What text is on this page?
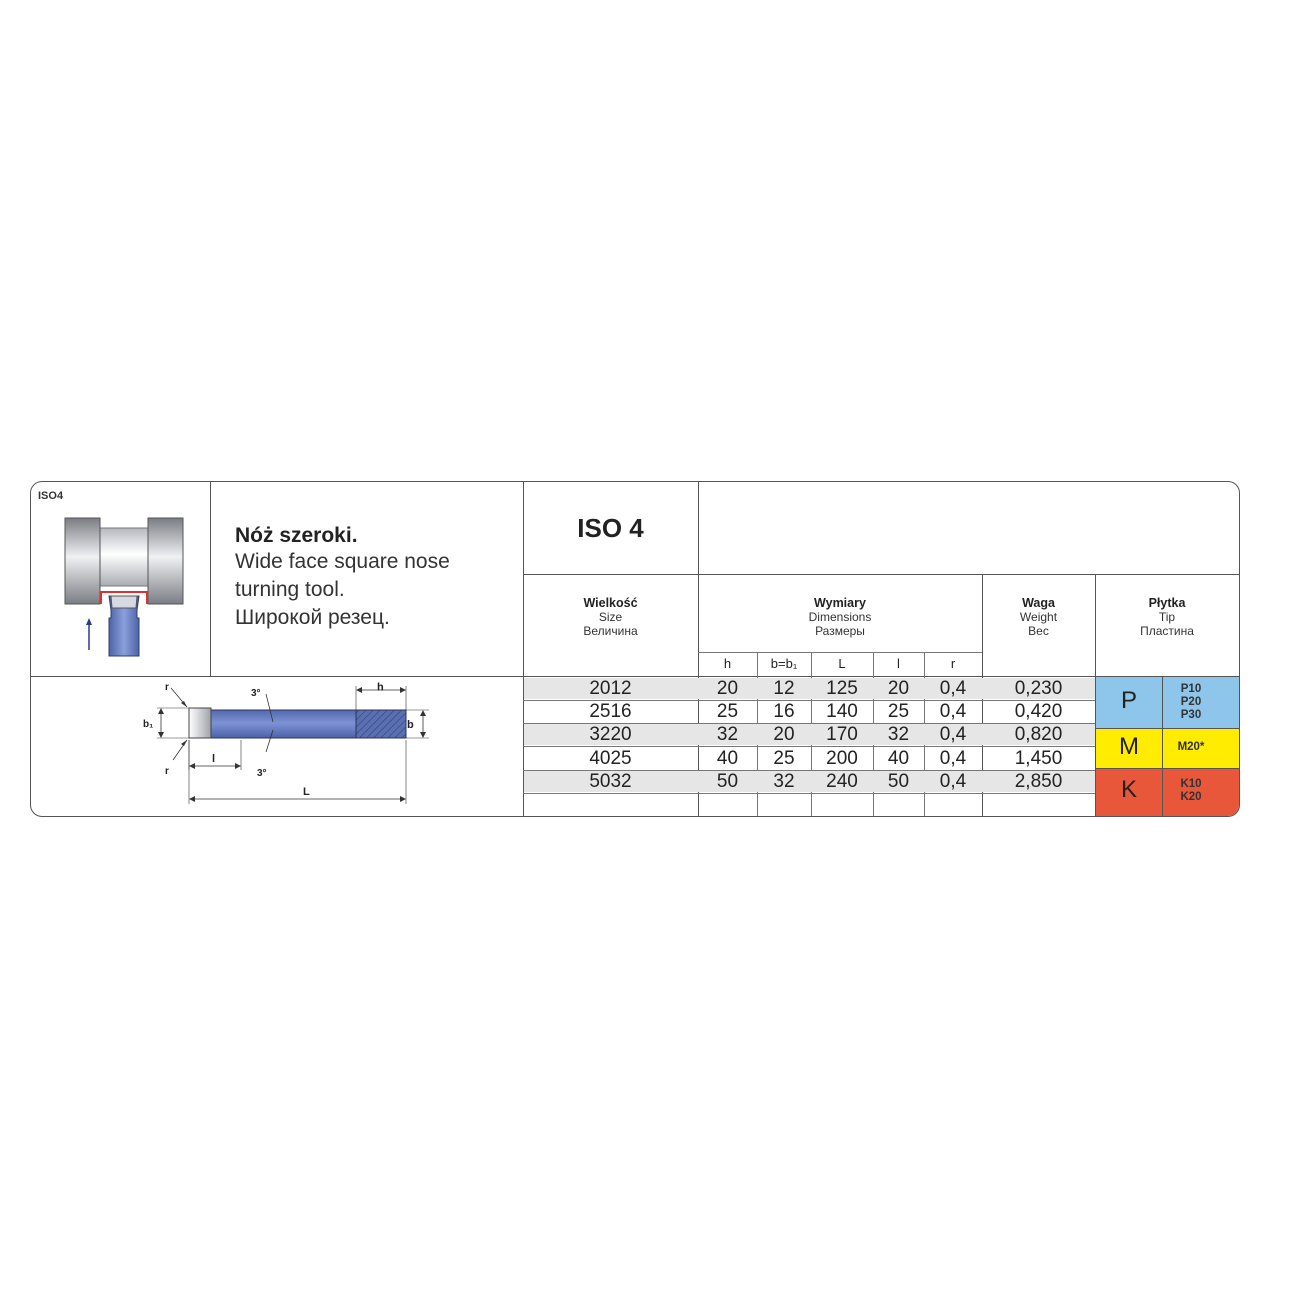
ISO4
Nóż szeroki.
Wide face square nose
turning tool.
Широкой резец.
ISO 4
Wielkość
Size
Величина
Wymiary
Dimensions
Размеры
Waga
Weight
Вес
Płytka
Tip
Пластина
h	b=b₁	L	l	r
2012	20	12	125	20	0,4	0,230
2516	25	16	140	25	0,4	0,420
3220	32	20	170	32	0,4	0,820
4025	40	25	200	40	0,4	1,450
5032	50	32	240	50	0,4	2,850
P	P10
P20
P30
M	M20*
K	K10
K20
r
r
b₁
3°
3°
l
h
b
L
